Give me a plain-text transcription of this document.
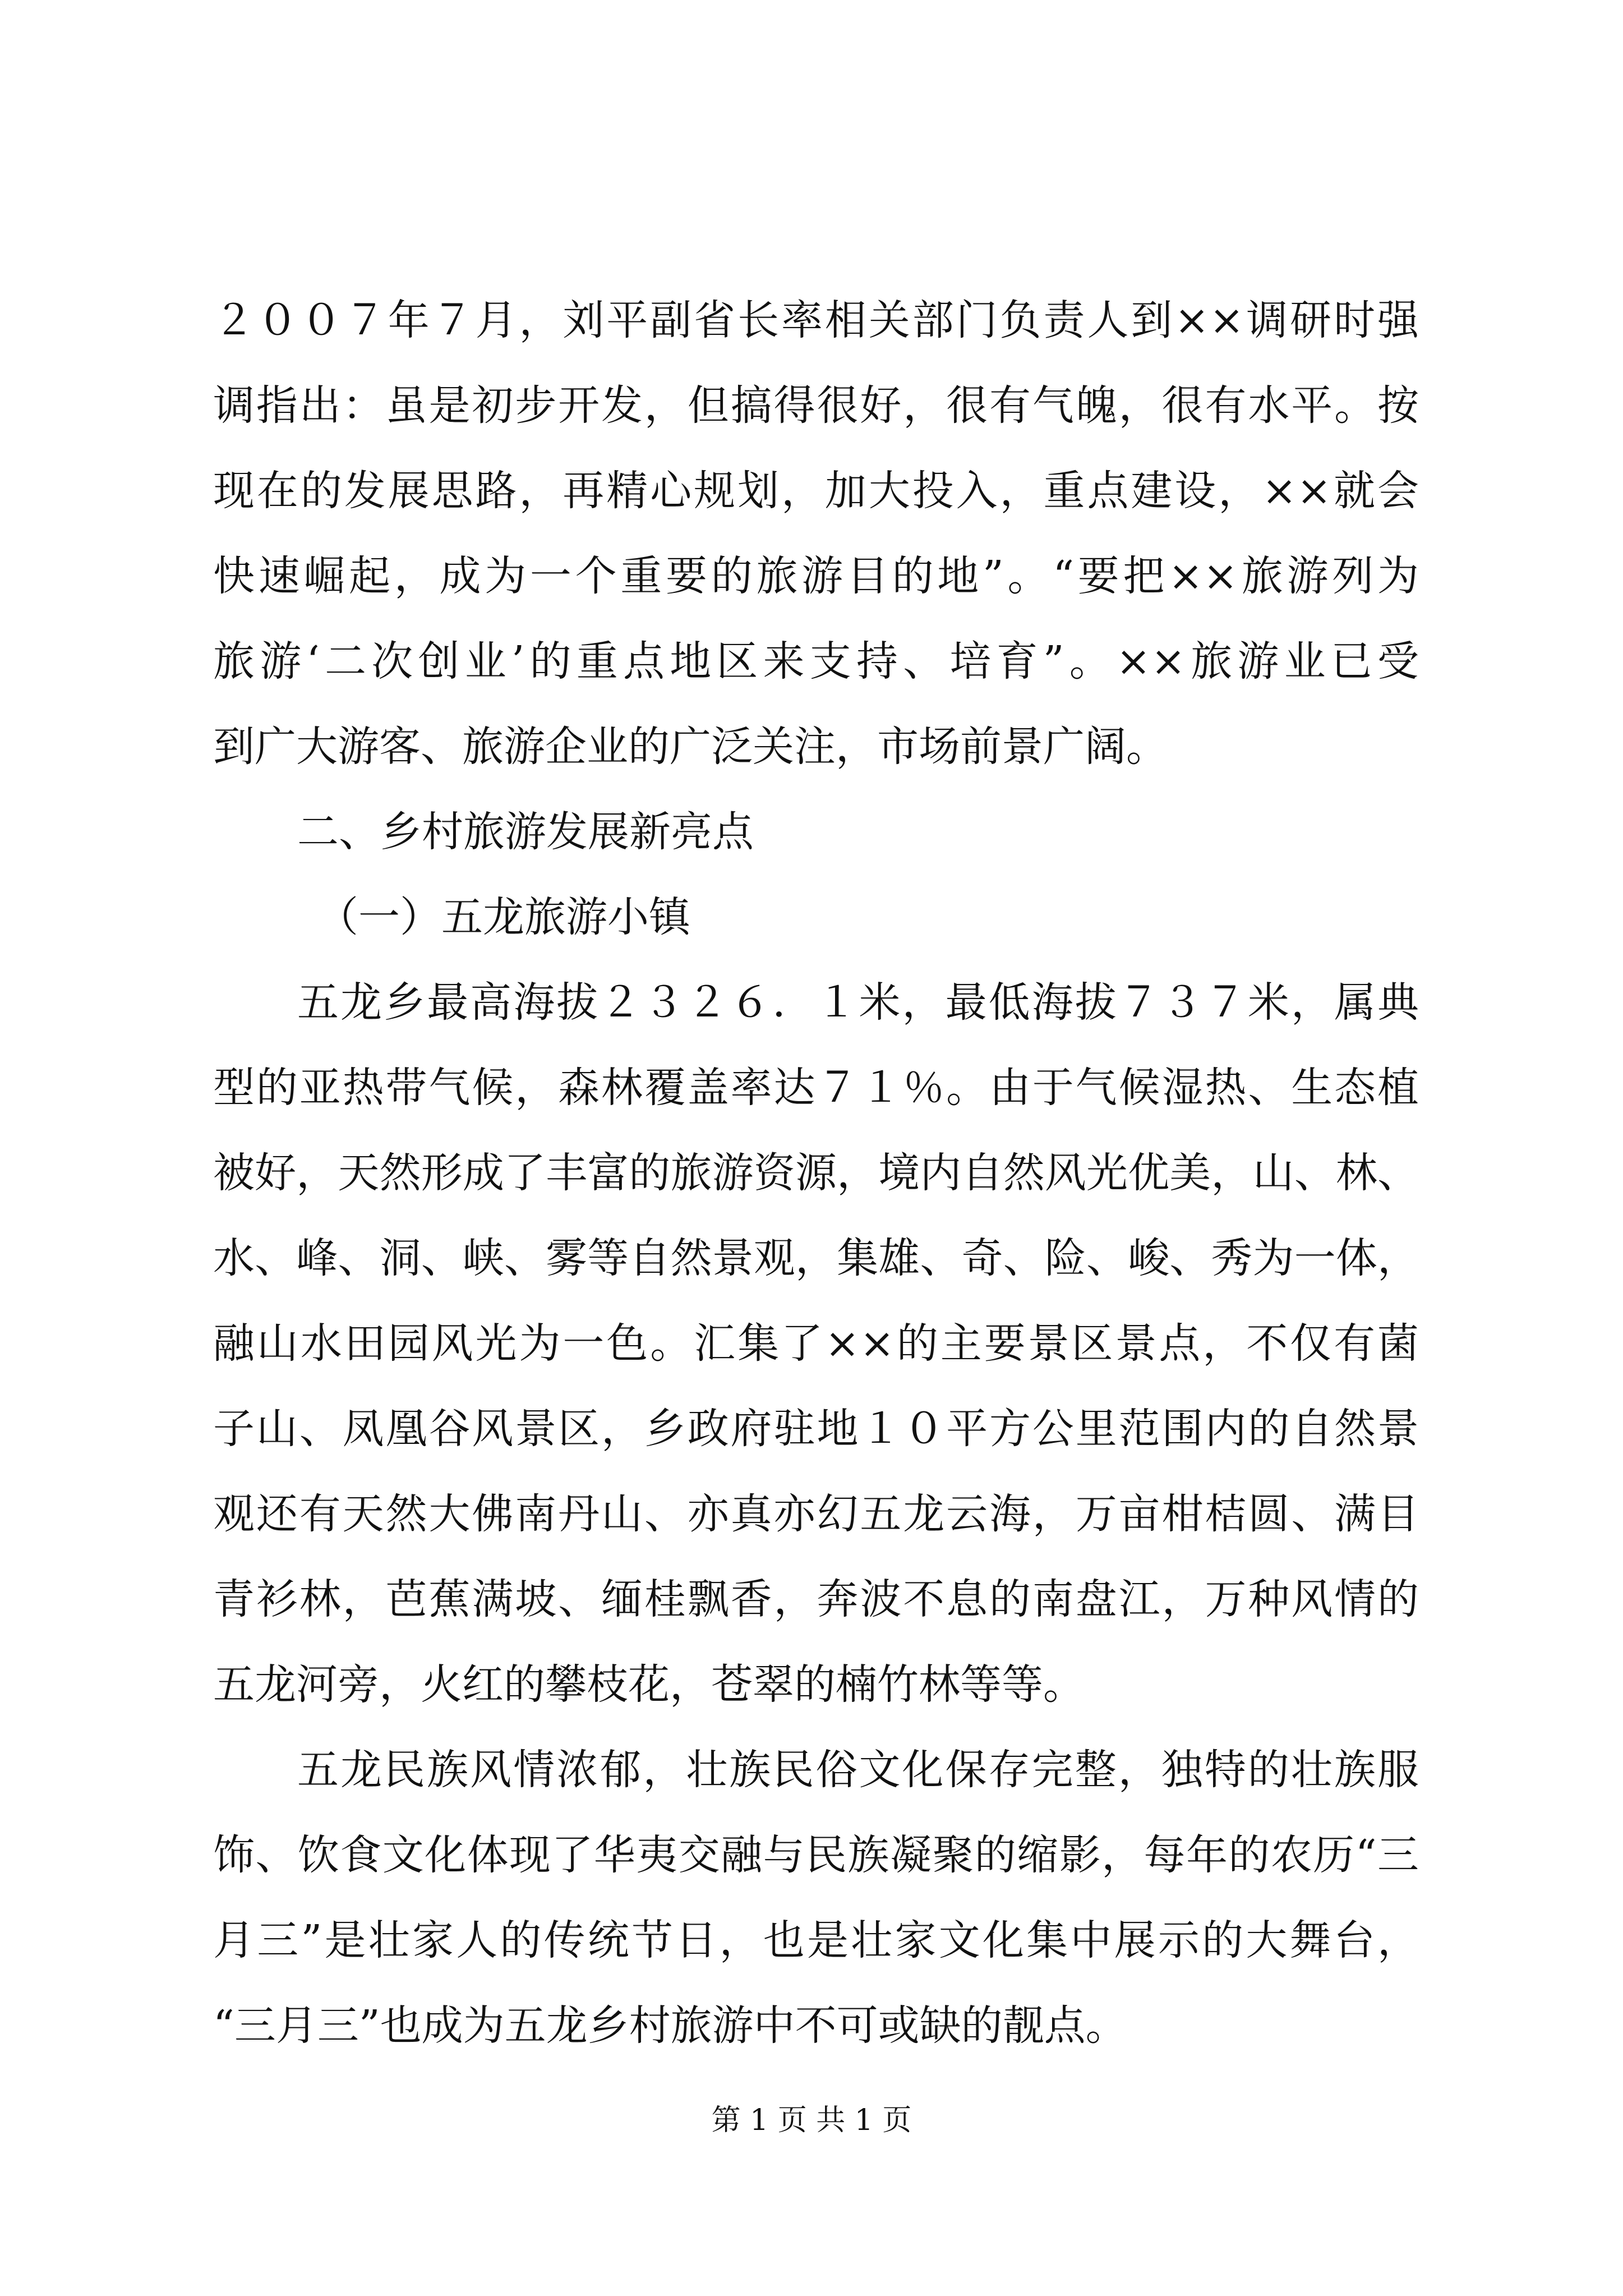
２００７年７月，刘平副省长率相关部门负责人到××调研时强
调指出：虽是初步开发，但搞得很好，很有气魄，很有水平。按
现在的发展思路，再精心规划，加大投入，重点建设，××就会
快速崛起，成为一个重要的旅游目的地”。“要把××旅游列为
旅游‘二次创业’的重点地区来支持、培育”。××旅游业已受
到广大游客、旅游企业的广泛关注，市场前景广阔。
二、乡村旅游发展新亮点
（一）五龙旅游小镇
五龙乡最高海拔２３２６．１米，最低海拔７３７米，属典
型的亚热带气候，森林覆盖率达７１％。由于气候湿热、生态植
被好，天然形成了丰富的旅游资源，境内自然风光优美，山、林、
水、峰、洞、峡、雾等自然景观，集雄、奇、险、峻、秀为一体，
融山水田园风光为一色。汇集了××的主要景区景点，不仅有菌
子山、凤凰谷风景区，乡政府驻地１０平方公里范围内的自然景
观还有天然大佛南丹山、亦真亦幻五龙云海，万亩柑桔圆、满目
青衫林，芭蕉满坡、缅桂飘香，奔波不息的南盘江，万种风情的
五龙河旁，火红的攀枝花，苍翠的楠竹林等等。
五龙民族风情浓郁，壮族民俗文化保存完整，独特的壮族服
饰、饮食文化体现了华夷交融与民族凝聚的缩影，每年的农历“三
月三”是壮家人的传统节日，也是壮家文化集中展示的大舞台，
“三月三”也成为五龙乡村旅游中不可或缺的靓点。
第 1 页 共 1 页
